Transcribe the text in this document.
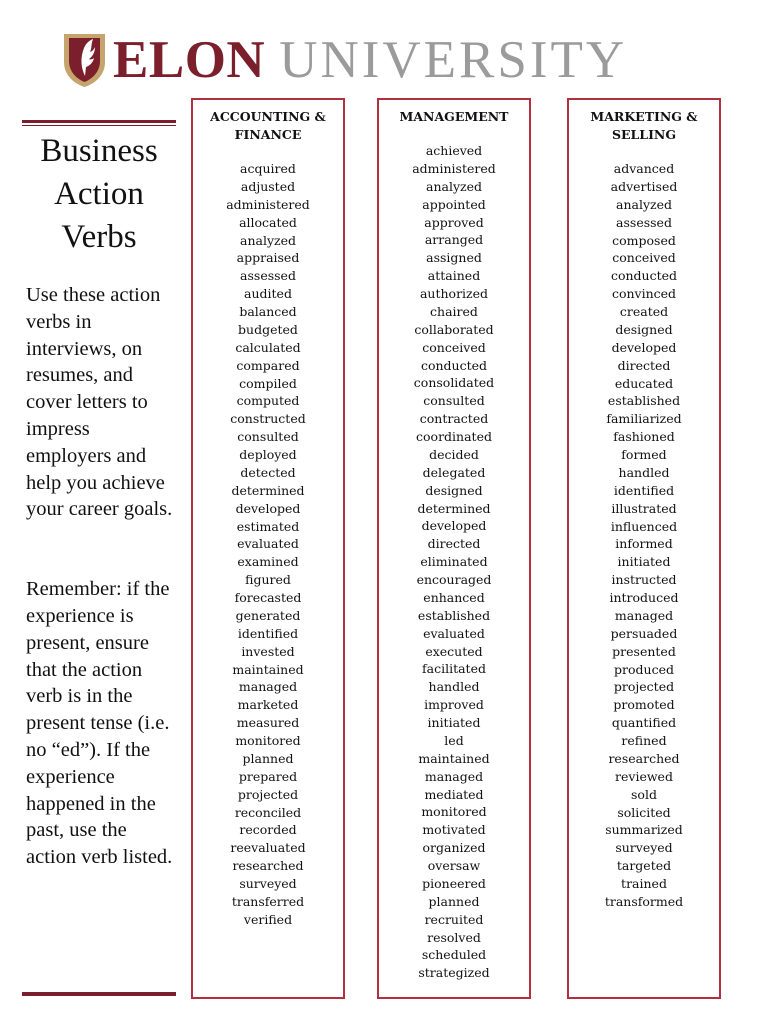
ELON UNIVERSITY
Business
Action
Verbs

Use these action verbs in interviews, on resumes, and cover letters to impress employers and help you achieve your career goals.

Remember: if the experience is present, ensure that the action verb is in the present tense (i.e. no “ed”). If the experience happened in the past, use the action verb listed.

ACCOUNTING & FINANCE
acquired
adjusted
administered
allocated
analyzed
appraised
assessed
audited
balanced
budgeted
calculated
compared
compiled
computed
constructed
consulted
deployed
detected
determined
developed
estimated
evaluated
examined
figured
forecasted
generated
identified
invested
maintained
managed
marketed
measured
monitored
planned
prepared
projected
reconciled
recorded
reevaluated
researched
surveyed
transferred
verified
MANAGEMENT
achieved
administered
analyzed
appointed
approved
arranged
assigned
attained
authorized
chaired
collaborated
conceived
conducted
consolidated
consulted
contracted
coordinated
decided
delegated
designed
determined
developed
directed
eliminated
encouraged
enhanced
established
evaluated
executed
facilitated
handled
improved
initiated
led
maintained
managed
mediated
monitored
motivated
organized
oversaw
pioneered
planned
recruited
resolved
scheduled
strategized
MARKETING & SELLING
advanced
advertised
analyzed
assessed
composed
conceived
conducted
convinced
created
designed
developed
directed
educated
established
familiarized
fashioned
formed
handled
identified
illustrated
influenced
informed
initiated
instructed
introduced
managed
persuaded
presented
produced
projected
promoted
quantified
refined
researched
reviewed
sold
solicited
summarized
surveyed
targeted
trained
transformed
